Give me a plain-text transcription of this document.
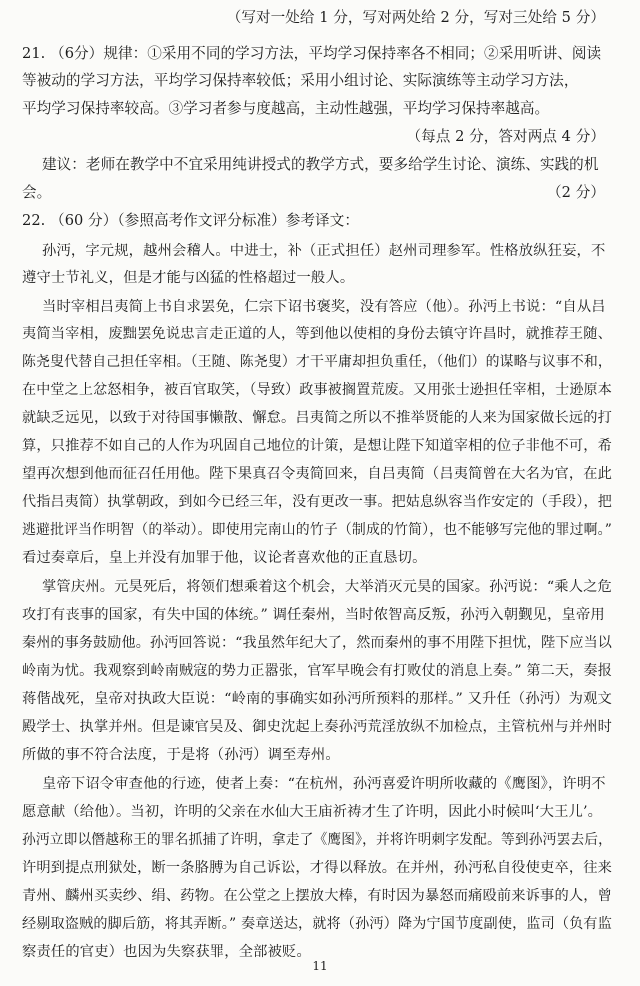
（写对一处给 1 分，写对两处给 2 分，写对三处给 5 分）
21. （6分）规律：①采用不同的学习方法，平均学习保持率各不相同；②采用听讲、阅读
等被动的学习方法，平均学习保持率较低；采用小组讨论、实际演练等主动学习方法，
平均学习保持率较高。③学习者参与度越高，主动性越强，平均学习保持率越高。
（每点 2 分，答对两点 4 分）
建议：老师在教学中不宜采用纯讲授式的教学方式，要多给学生讨论、演练、实践的机
会。	（2 分）
22. （60 分）（参照高考作文评分标准）参考译文：
孙沔，字元规，越州会稽人。中进士，补（正式担任）赵州司理参军。性格放纵狂妄，不
遵守士节礼义，但是才能与凶猛的性格超过一般人。
当时宰相吕夷简上书自求罢免，仁宗下诏书褒奖，没有答应（他）。孙沔上书说：“自从吕
夷简当宰相，废黜罢免说忠言走正道的人，等到他以使相的身份去镇守许昌时，就推荐王随、
陈尧叟代替自己担任宰相。（王随、陈尧叟）才干平庸却担负重任，（他们）的谋略与议事不和，
在中堂之上忿怒相争，被百官取笑，（导致）政事被搁置荒废。又用张士逊担任宰相，士逊原本
就缺乏远见，以致于对待国事懒散、懈怠。吕夷简之所以不推举贤能的人来为国家做长远的打
算，只推荐不如自己的人作为巩固自己地位的计策，是想让陛下知道宰相的位子非他不可，希
望再次想到他而征召任用他。陛下果真召令夷简回来，自吕夷简（吕夷简曾在大名为官，在此
代指吕夷简）执掌朝政，到如今已经三年，没有更改一事。把姑息纵容当作安定的（手段），把
逃避批评当作明智（的举动）。即使用完南山的竹子（制成的竹简），也不能够写完他的罪过啊。”
看过奏章后，皇上并没有加罪于他，议论者喜欢他的正直恳切。
掌管庆州。元昊死后，将领们想乘着这个机会，大举消灭元昊的国家。孙沔说：“乘人之危
攻打有丧事的国家，有失中国的体统。” 调任秦州，当时侬智高反叛，孙沔入朝觐见，皇帝用
秦州的事务鼓励他。孙沔回答说：“我虽然年纪大了，然而秦州的事不用陛下担忧，陛下应当以
岭南为忧。我观察到岭南贼寇的势力正嚣张，官军早晚会有打败仗的消息上奏。” 第二天，奏报
蒋偕战死，皇帝对执政大臣说：“岭南的事确实如孙沔所预料的那样。” 又升任（孙沔）为观文
殿学士、执掌并州。但是谏官吴及、御史沈起上奏孙沔荒淫放纵不加检点，主管杭州与并州时
所做的事不符合法度，于是将（孙沔）调至寿州。
皇帝下诏令审查他的行迹，使者上奏：“在杭州，孙沔喜爱许明所收藏的《鹰图》，许明不
愿意献（给他）。当初，许明的父亲在水仙大王庙祈祷才生了许明，因此小时候叫‘大王儿’。
孙沔立即以僭越称王的罪名抓捕了许明，拿走了《鹰图》，并将许明刺字发配。等到孙沔罢去后，
许明到提点刑狱处，断一条胳膊为自己诉讼，才得以释放。在并州，孙沔私自役使吏卒，往来
青州、麟州买卖纱、绢、药物。在公堂之上摆放大棒，有时因为暴怒而痛殴前来诉事的人，曾
经剔取盗贼的脚后筋，将其弄断。” 奏章送达，就将（孙沔）降为宁国节度副使，监司（负有监
察责任的官吏）也因为失察获罪，全部被贬。
11
